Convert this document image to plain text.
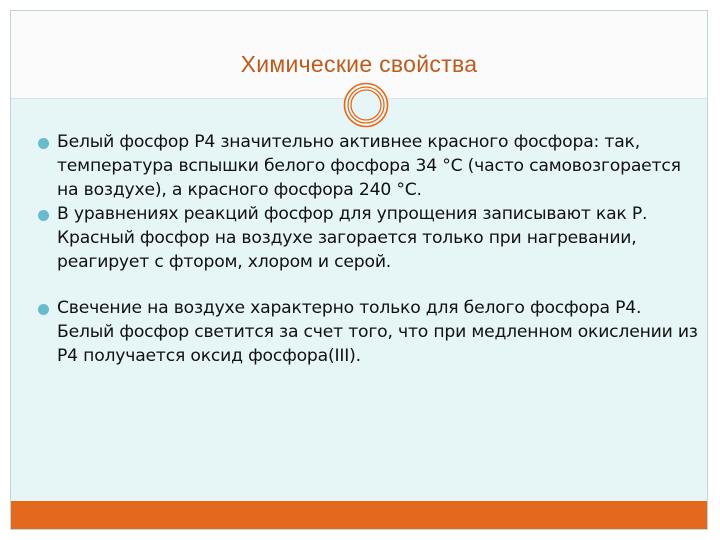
Химические свойства
Белый фосфор Р4 значительно активнее красного фосфора: так, температура вспышки белого фосфора 34 °С (часто самовозгорается на воздухе), а красного фосфора 240 °С.
В уравнениях реакций фосфор для упрощения записывают как Р. Красный фосфор на воздухе загорается только при нагревании, реагирует с фтором, хлором и серой.
Свечение на воздухе характерно только для белого фосфора Р4. Белый фосфор светится за счет того, что при медленном окислении из Р4 получается оксид фосфора(III).
